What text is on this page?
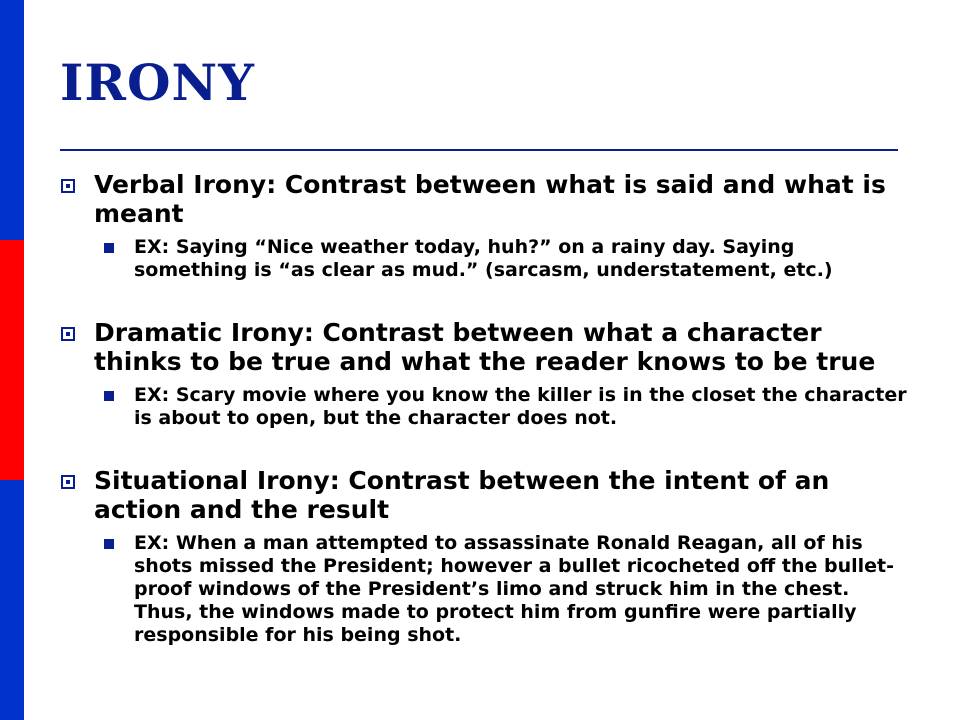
IRONY
Verbal Irony: Contrast between what is said and what is meant
EX: Saying “Nice weather today, huh?” on a rainy day. Saying something is “as clear as mud.” (sarcasm, understatement, etc.)
Dramatic Irony: Contrast between what a character thinks to be true and what the reader knows to be true
EX: Scary movie where you know the killer is in the closet the character is about to open, but the character does not.
Situational Irony: Contrast between the intent of an action and the result
EX: When a man attempted to assassinate Ronald Reagan, all of his shots missed the President; however a bullet ricocheted off the bullet-proof windows of the President’s limo and struck him in the chest. Thus, the windows made to protect him from gunfire were partially responsible for his being shot.
